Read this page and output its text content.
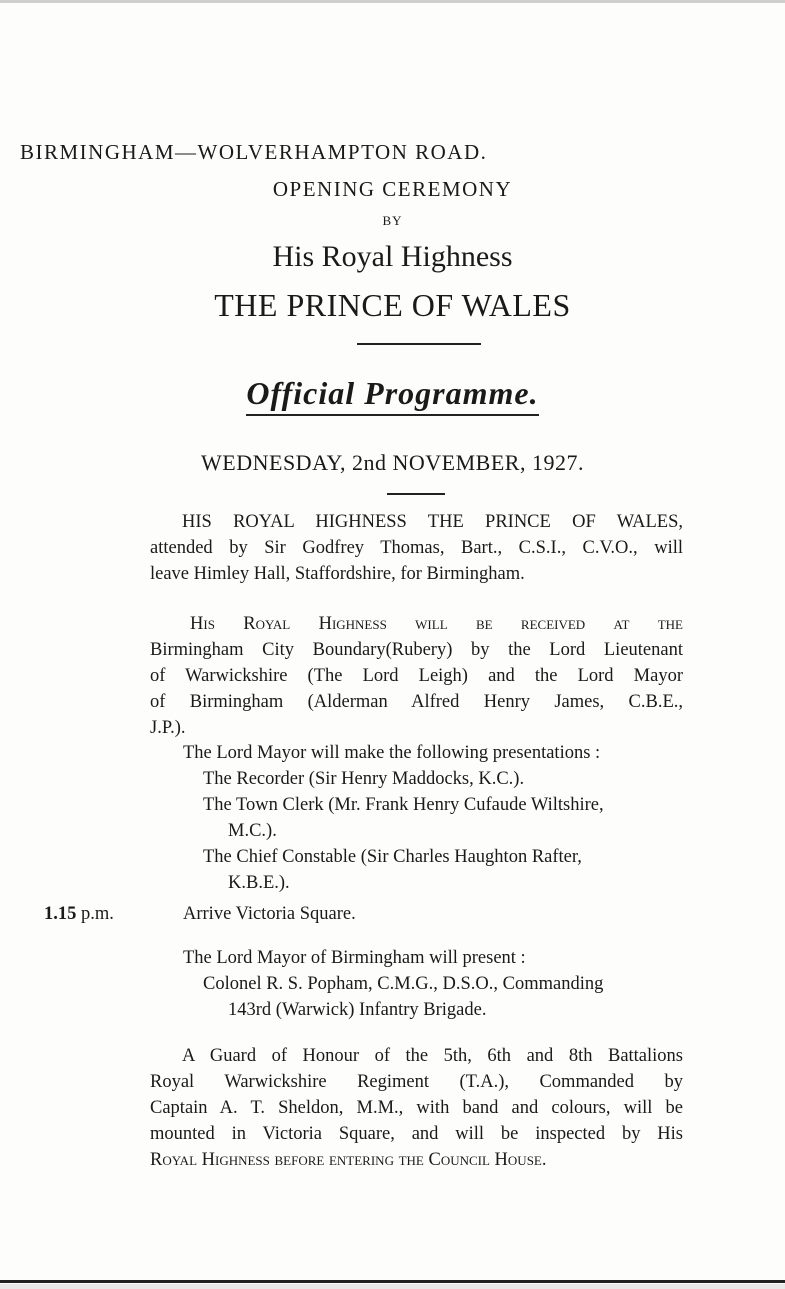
BIRMINGHAM—WOLVERHAMPTON ROAD.
OPENING CEREMONY
BY
His Royal Highness
THE PRINCE OF WALES
Official Programme.
WEDNESDAY, 2nd NOVEMBER, 1927.
HIS ROYAL HIGHNESS THE PRINCE OF WALES,
attended by Sir Godfrey Thomas, Bart., C.S.I., C.V.O., will
leave Himley Hall, Staffordshire, for Birmingham.
His Royal Highness will be received at the
Birmingham City Boundary(Rubery) by the Lord Lieutenant
of Warwickshire (The Lord Leigh) and the Lord Mayor
of Birmingham (Alderman Alfred Henry James, C.B.E.,
J.P.).
The Lord Mayor will make the following presentations :
The Recorder (Sir Henry Maddocks, K.C.).
The Town Clerk (Mr. Frank Henry Cufaude Wiltshire,
M.C.).
The Chief Constable (Sir Charles Haughton Rafter,
K.B.E.).
1.15 p.m.	Arrive Victoria Square.
The Lord Mayor of Birmingham will present :
Colonel R. S. Popham, C.M.G., D.S.O., Commanding
143rd (Warwick) Infantry Brigade.
A Guard of Honour of the 5th, 6th and 8th Battalions
Royal Warwickshire Regiment (T.A.), Commanded by
Captain A. T. Sheldon, M.M., with band and colours, will be
mounted in Victoria Square, and will be inspected by His
Royal Highness before entering the Council House.
